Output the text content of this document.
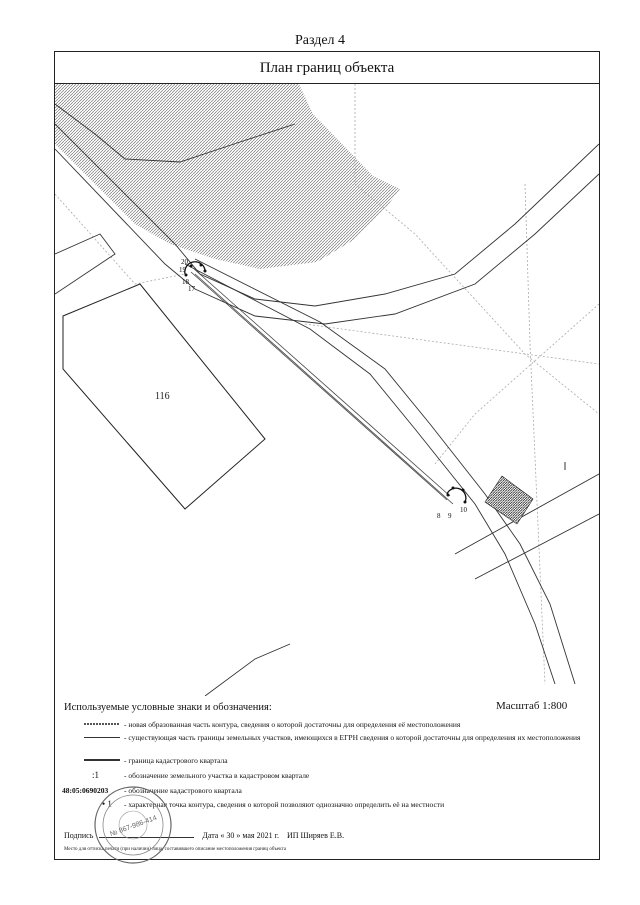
Раздел 4
План границ объекта
116
20
19
18
17
8 9
10
Используемые условные знаки и обозначения:	Масштаб 1:800
- новая образованная часть контура, сведения о которой достаточны для определения её местоположения
- существующая часть границы земельных участков, имеющихся в ЕГРН сведения о которой достаточны для определения их местоположения
- граница кадастрового квартала
:1	- обозначение земельного участка в кадастровом квартале
48:05:0690203	- обозначение кадастрового квартала
• 1	- характерная точка контура, сведения о которой позволяют однозначно определить её на местности
Подпись	Дата « 30 » мая 2021 г. ИП Ширяев Е.В.
Место для оттиска печати (при наличии) лица, составившего описание местоположения границ объекта
№ 867-986-414
